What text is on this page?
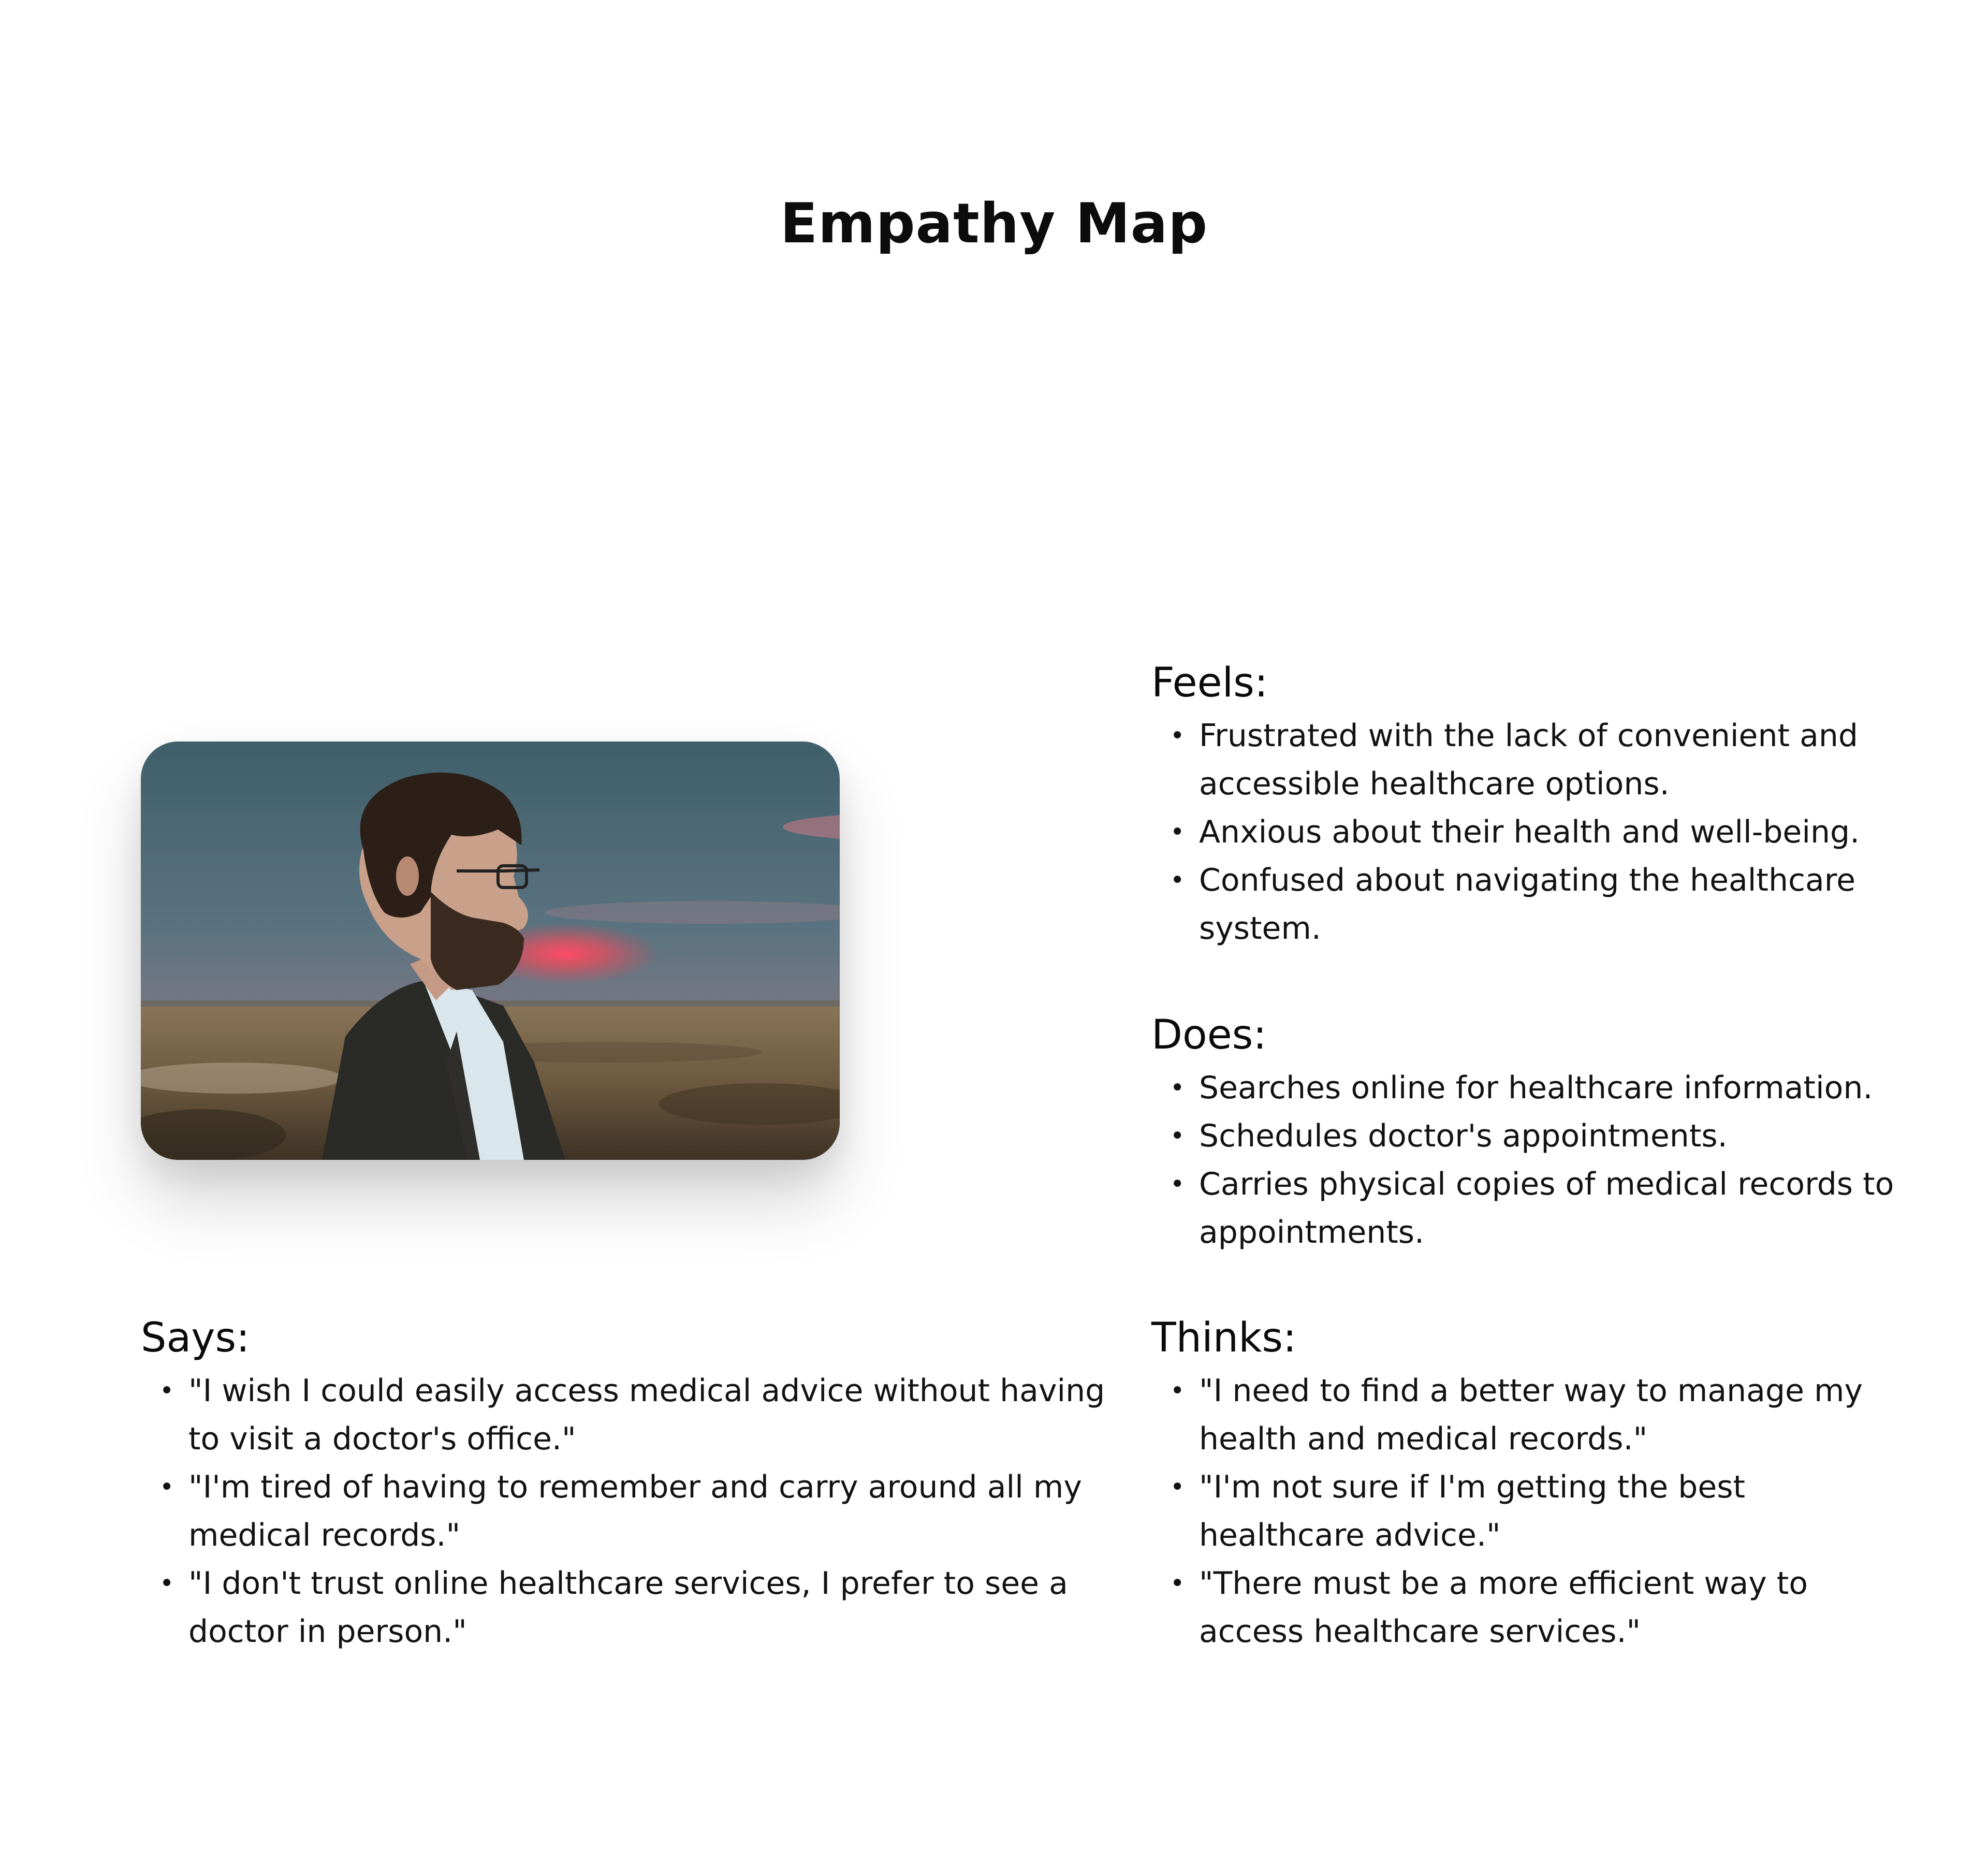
Empathy Map
Feels:
• Frustrated with the lack of convenient and accessible healthcare options.
• Anxious about their health and well-being.
• Confused about navigating the healthcare system.
Does:
• Searches online for healthcare information.
• Schedules doctor's appointments.
• Carries physical copies of medical records to appointments.
Says:
• "I wish I could easily access medical advice without having to visit a doctor's office."
• "I'm tired of having to remember and carry around all my medical records."
• "I don't trust online healthcare services, I prefer to see a doctor in person."
Thinks:
• "I need to find a better way to manage my health and medical records."
• "I'm not sure if I'm getting the best healthcare advice."
• "There must be a more efficient way to access healthcare services."
